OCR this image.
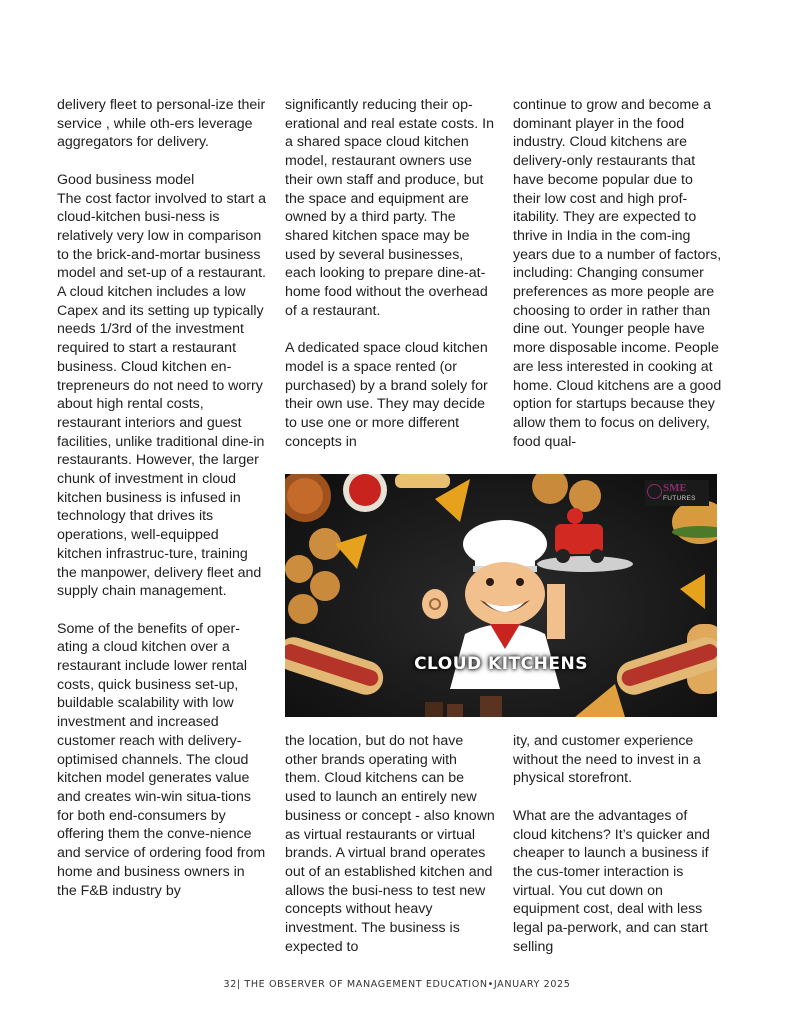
delivery fleet to personal-ize their service , while oth-ers leverage aggregators for delivery.

Good business model
The cost factor involved to start a cloud-kitchen busi-ness is relatively very low in comparison to the brick-and-mortar business model and set-up of a restaurant. A cloud kitchen includes a low Capex and its setting up typically needs 1/3rd of the investment required to start a restaurant business. Cloud kitchen en-trepreneurs do not need to worry about high rental costs, restaurant interiors and guest facilities, unlike traditional dine-in restaurants. However, the larger chunk of investment in cloud kitchen business is infused in technology that drives its operations, well-equipped kitchen infrastruc-ture, training the manpower, delivery fleet and supply chain management.

Some of the benefits of oper-ating a cloud kitchen over a restaurant include lower rental costs, quick business set-up, buildable scalability with low investment and increased customer reach with delivery-optimised channels. The cloud kitchen model generates value and creates win-win situa-tions for both end-consumers by offering them the conve-nience and service of ordering food from home and business owners in the F&B industry by

significantly reducing their op-erational and real estate costs. In a shared space cloud kitchen model, restaurant owners use their own staff and produce, but the space and equipment are owned by a third party. The shared kitchen space may be used by several businesses, each looking to prepare dine-at-home food without the overhead of a restaurant.

A dedicated space cloud kitchen model is a space rented (or purchased) by a brand solely for their own use. They may decide to use one or more different concepts in

continue to grow and become a dominant player in the food industry. Cloud kitchens are delivery-only restaurants that have become popular due to their low cost and high prof-itability. They are expected to thrive in India in the com-ing years due to a number of factors, including: Changing consumer preferences as more people are choosing to order in rather than dine out. Younger people have more disposable income. People are less interested in cooking at home. Cloud kitchens are a good option for startups because they allow them to focus on delivery, food qual-

SME
FUTURES
CLOUD KITCHENS
IN INDIA

the location, but do not have other brands operating with them. Cloud kitchens can be used to launch an entirely new business or concept - also known as virtual restaurants or virtual brands. A virtual brand operates out of an established kitchen and allows the busi-ness to test new concepts without heavy investment. The business is expected to

ity, and customer experience without the need to invest in a physical storefront.

What are the advantages of cloud kitchens? It’s quicker and cheaper to launch a business if the cus-tomer interaction is virtual. You cut down on equipment cost, deal with less legal pa-perwork, and can start selling

32| THE OBSERVER OF MANAGEMENT EDUCATION•JANUARY 2025
